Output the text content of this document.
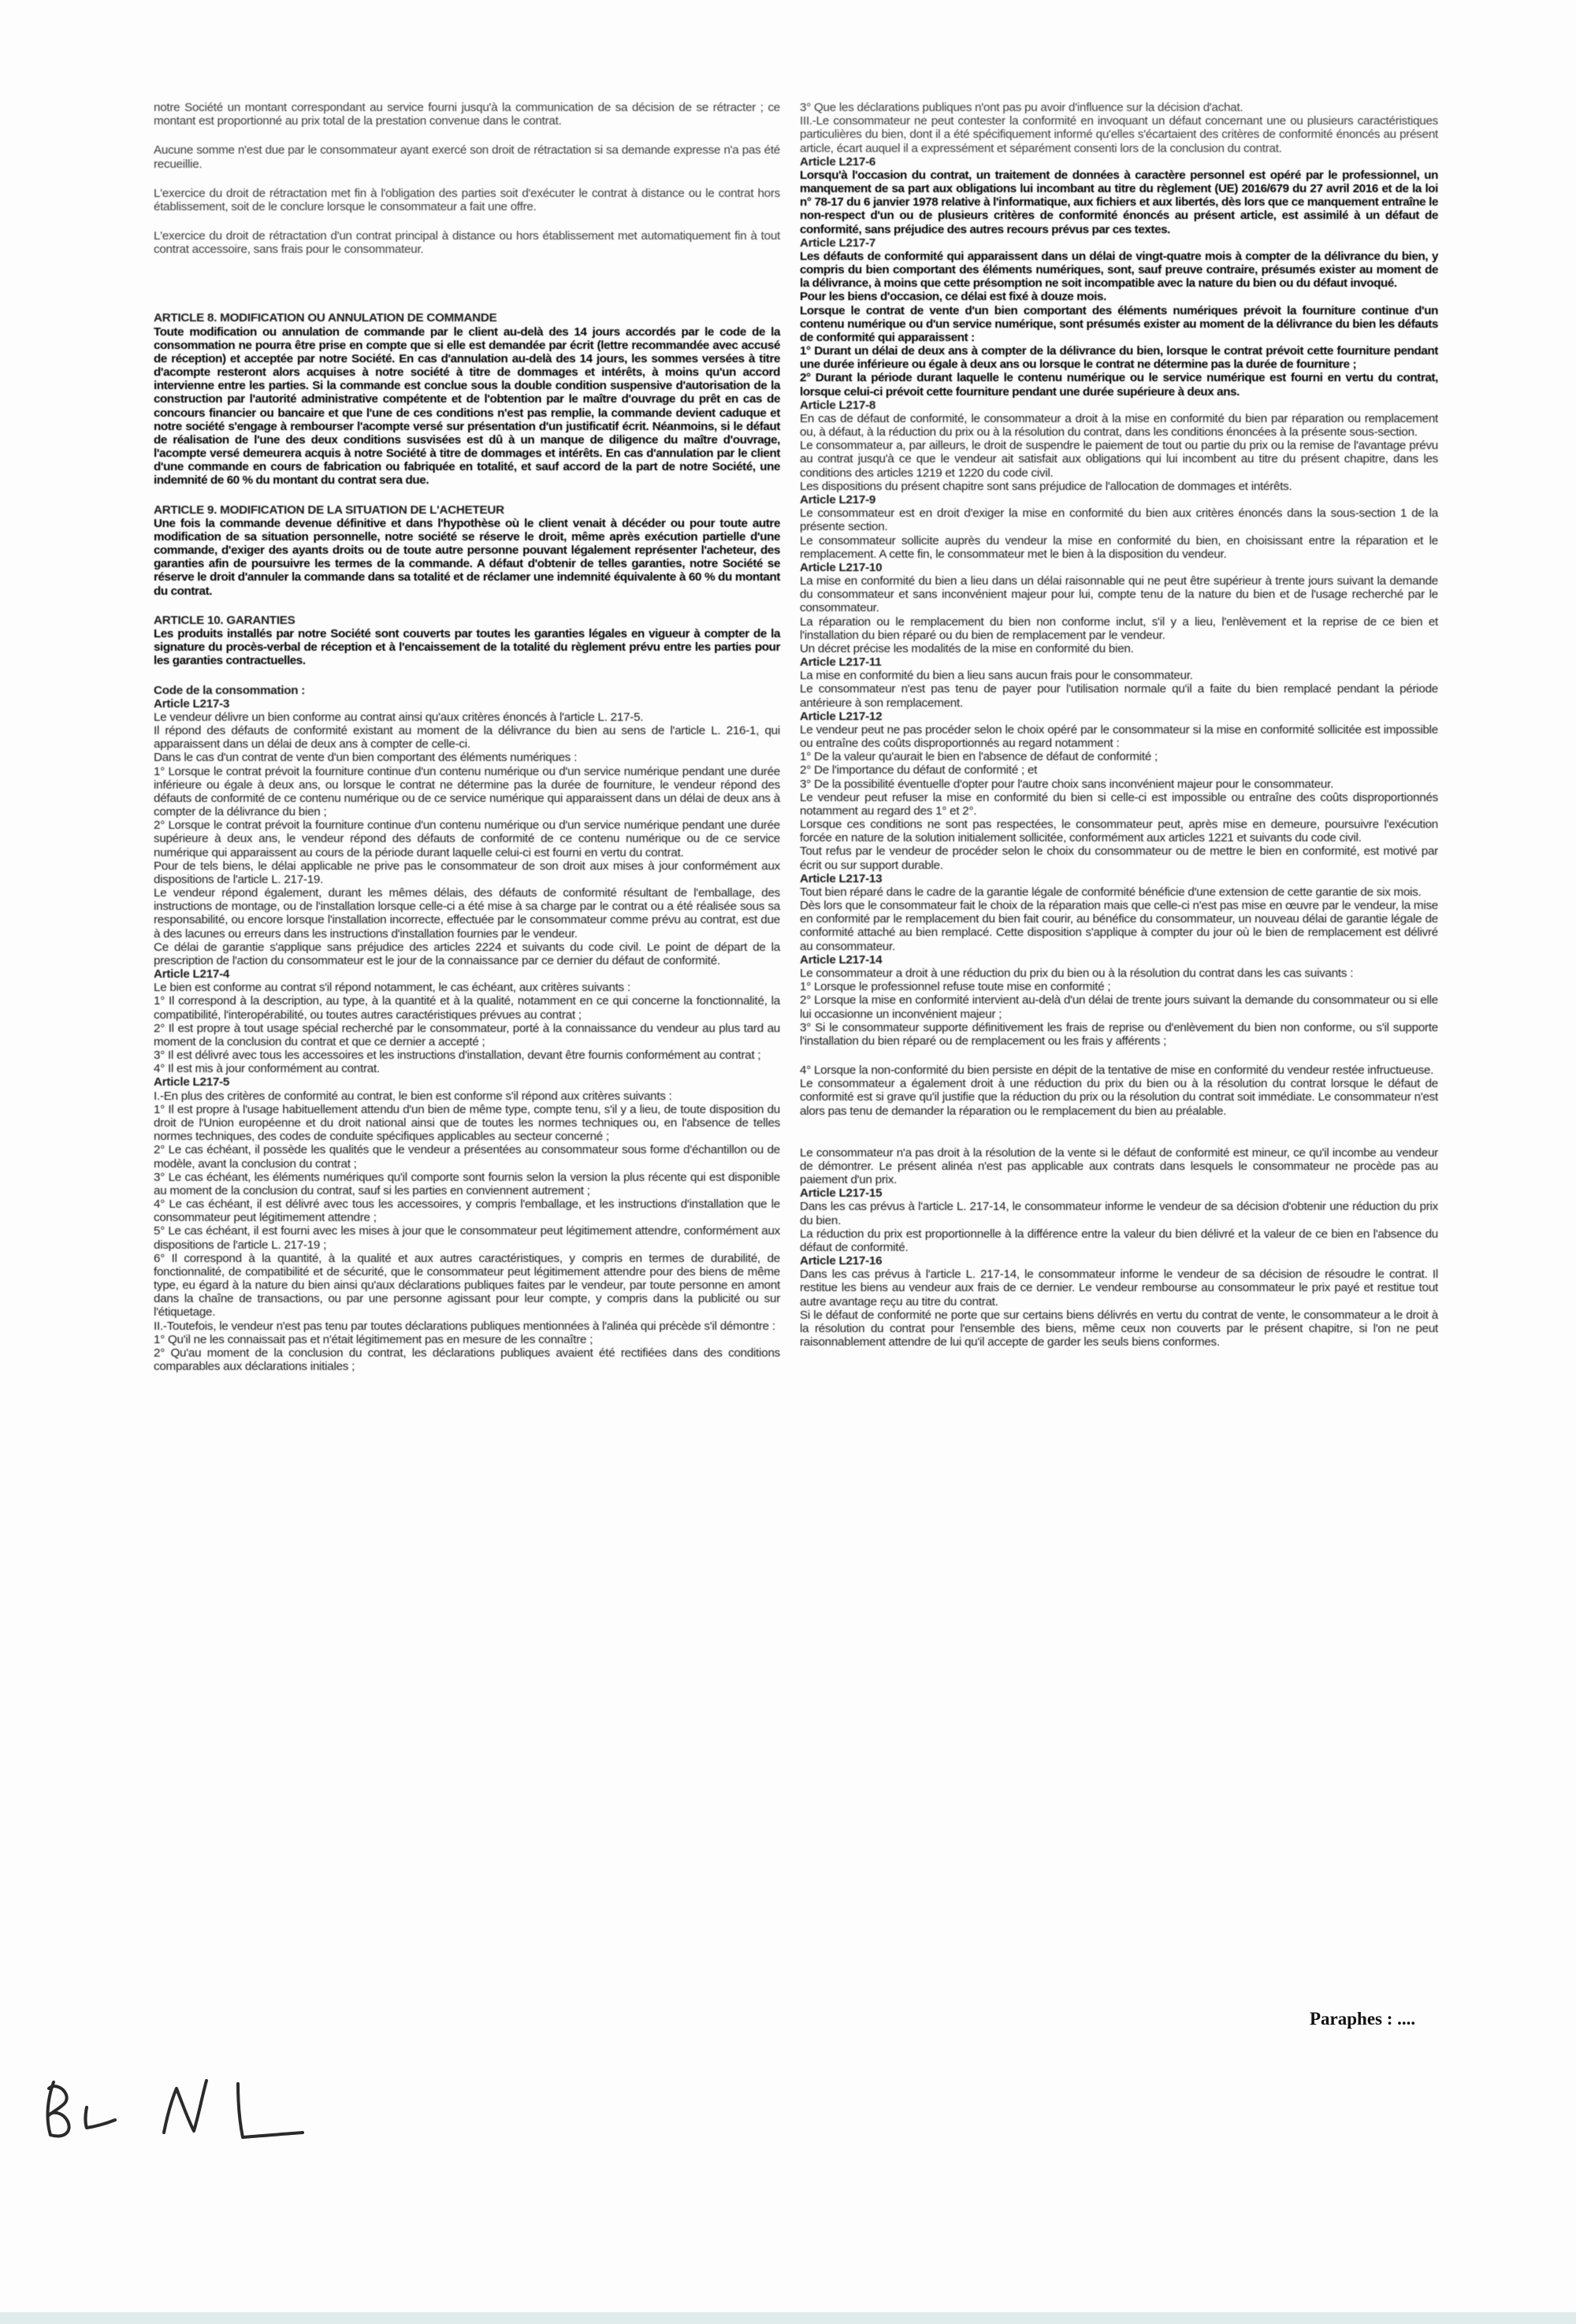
notre Société un montant correspondant au service fourni jusqu'à la communication de sa décision de se rétracter ; ce montant est proportionné au prix total de la prestation convenue dans le contrat.

Aucune somme n'est due par le consommateur ayant exercé son droit de rétractation si sa demande expresse n'a pas été recueillie.

L'exercice du droit de rétractation met fin à l'obligation des parties soit d'exécuter le contrat à distance ou le contrat hors établissement, soit de le conclure lorsque le consommateur a fait une offre.

L'exercice du droit de rétractation d'un contrat principal à distance ou hors établissement met automatiquement fin à tout contrat accessoire, sans frais pour le consommateur.

ARTICLE 8. MODIFICATION OU ANNULATION DE COMMANDE

Toute modification ou annulation de commande par le client au-delà des 14 jours accordés par le code de la consommation ne pourra être prise en compte que si elle est demandée par écrit (lettre recommandée avec accusé de réception) et acceptée par notre Société. En cas d'annulation au-delà des 14 jours, les sommes versées à titre d'acompte resteront alors acquises à notre société à titre de dommages et intérêts, à moins qu'un accord intervienne entre les parties. Si la commande est conclue sous la double condition suspensive d'autorisation de la construction par l'autorité administrative compétente et de l'obtention par le maître d'ouvrage du prêt en cas de concours financier ou bancaire et que l'une de ces conditions n'est pas remplie, la commande devient caduque et notre société s'engage à rembourser l'acompte versé sur présentation d'un justificatif écrit. Néanmoins, si le défaut de réalisation de l'une des deux conditions susvisées est dû à un manque de diligence du maître d'ouvrage, l'acompte versé demeurera acquis à notre Société à titre de dommages et intérêts. En cas d'annulation par le client d'une commande en cours de fabrication ou fabriquée en totalité, et sauf accord de la part de notre Société, une indemnité de 60 % du montant du contrat sera due.

ARTICLE 9. MODIFICATION DE LA SITUATION DE L'ACHETEUR

Une fois la commande devenue définitive et dans l'hypothèse où le client venait à décéder ou pour toute autre modification de sa situation personnelle, notre société se réserve le droit, même après exécution partielle d'une commande, d'exiger des ayants droits ou de toute autre personne pouvant légalement représenter l'acheteur, des garanties afin de poursuivre les termes de la commande. A défaut d'obtenir de telles garanties, notre Société se réserve le droit d'annuler la commande dans sa totalité et de réclamer une indemnité équivalente à 60 % du montant du contrat.

ARTICLE 10. GARANTIES

Les produits installés par notre Société sont couverts par toutes les garanties légales en vigueur à compter de la signature du procès-verbal de réception et à l'encaissement de la totalité du règlement prévu entre les parties pour les garanties contractuelles.

Code de la consommation :

Article L217-3

Le vendeur délivre un bien conforme au contrat ainsi qu'aux critères énoncés à l'article L. 217-5.

Il répond des défauts de conformité existant au moment de la délivrance du bien au sens de l'article L. 216-1, qui apparaissent dans un délai de deux ans à compter de celle-ci.

Dans le cas d'un contrat de vente d'un bien comportant des éléments numériques :

1° Lorsque le contrat prévoit la fourniture continue d'un contenu numérique ou d'un service numérique pendant une durée inférieure ou égale à deux ans, ou lorsque le contrat ne détermine pas la durée de fourniture, le vendeur répond des défauts de conformité de ce contenu numérique ou de ce service numérique qui apparaissent dans un délai de deux ans à compter de la délivrance du bien ;

2° Lorsque le contrat prévoit la fourniture continue d'un contenu numérique ou d'un service numérique pendant une durée supérieure à deux ans, le vendeur répond des défauts de conformité de ce contenu numérique ou de ce service numérique qui apparaissent au cours de la période durant laquelle celui-ci est fourni en vertu du contrat.

Pour de tels biens, le délai applicable ne prive pas le consommateur de son droit aux mises à jour conformément aux dispositions de l'article L. 217-19.

Le vendeur répond également, durant les mêmes délais, des défauts de conformité résultant de l'emballage, des instructions de montage, ou de l'installation lorsque celle-ci a été mise à sa charge par le contrat ou a été réalisée sous sa responsabilité, ou encore lorsque l'installation incorrecte, effectuée par le consommateur comme prévu au contrat, est due à des lacunes ou erreurs dans les instructions d'installation fournies par le vendeur.

Ce délai de garantie s'applique sans préjudice des articles 2224 et suivants du code civil. Le point de départ de la prescription de l'action du consommateur est le jour de la connaissance par ce dernier du défaut de conformité.

Article L217-4

Le bien est conforme au contrat s'il répond notamment, le cas échéant, aux critères suivants :

1° Il correspond à la description, au type, à la quantité et à la qualité, notamment en ce qui concerne la fonctionnalité, la compatibilité, l'interopérabilité, ou toutes autres caractéristiques prévues au contrat ;

2° Il est propre à tout usage spécial recherché par le consommateur, porté à la connaissance du vendeur au plus tard au moment de la conclusion du contrat et que ce dernier a accepté ;

3° Il est délivré avec tous les accessoires et les instructions d'installation, devant être fournis conformément au contrat ;

4° Il est mis à jour conformément au contrat.

Article L217-5

I.-En plus des critères de conformité au contrat, le bien est conforme s'il répond aux critères suivants :

1° Il est propre à l'usage habituellement attendu d'un bien de même type, compte tenu, s'il y a lieu, de toute disposition du droit de l'Union européenne et du droit national ainsi que de toutes les normes techniques ou, en l'absence de telles normes techniques, des codes de conduite spécifiques applicables au secteur concerné ;

2° Le cas échéant, il possède les qualités que le vendeur a présentées au consommateur sous forme d'échantillon ou de modèle, avant la conclusion du contrat ;

3° Le cas échéant, les éléments numériques qu'il comporte sont fournis selon la version la plus récente qui est disponible au moment de la conclusion du contrat, sauf si les parties en conviennent autrement ;

4° Le cas échéant, il est délivré avec tous les accessoires, y compris l'emballage, et les instructions d'installation que le consommateur peut légitimement attendre ;

5° Le cas échéant, il est fourni avec les mises à jour que le consommateur peut légitimement attendre, conformément aux dispositions de l'article L. 217-19 ;

6° Il correspond à la quantité, à la qualité et aux autres caractéristiques, y compris en termes de durabilité, de fonctionnalité, de compatibilité et de sécurité, que le consommateur peut légitimement attendre pour des biens de même type, eu égard à la nature du bien ainsi qu'aux déclarations publiques faites par le vendeur, par toute personne en amont dans la chaîne de transactions, ou par une personne agissant pour leur compte, y compris dans la publicité ou sur l'étiquetage.

II.-Toutefois, le vendeur n'est pas tenu par toutes déclarations publiques mentionnées à l'alinéa qui précède s'il démontre :

1° Qu'il ne les connaissait pas et n'était légitimement pas en mesure de les connaître ;

2° Qu'au moment de la conclusion du contrat, les déclarations publiques avaient été rectifiées dans des conditions comparables aux déclarations initiales ;

3° Que les déclarations publiques n'ont pas pu avoir d'influence sur la décision d'achat.

III.-Le consommateur ne peut contester la conformité en invoquant un défaut concernant une ou plusieurs caractéristiques particulières du bien, dont il a été spécifiquement informé qu'elles s'écartaient des critères de conformité énoncés au présent article, écart auquel il a expressément et séparément consenti lors de la conclusion du contrat.

Article L217-6

Lorsqu'à l'occasion du contrat, un traitement de données à caractère personnel est opéré par le professionnel, un manquement de sa part aux obligations lui incombant au titre du règlement (UE) 2016/679 du 27 avril 2016 et de la loi n° 78-17 du 6 janvier 1978 relative à l'informatique, aux fichiers et aux libertés, dès lors que ce manquement entraîne le non-respect d'un ou de plusieurs critères de conformité énoncés au présent article, est assimilé à un défaut de conformité, sans préjudice des autres recours prévus par ces textes.

Article L217-7

Les défauts de conformité qui apparaissent dans un délai de vingt-quatre mois à compter de la délivrance du bien, y compris du bien comportant des éléments numériques, sont, sauf preuve contraire, présumés exister au moment de la délivrance, à moins que cette présomption ne soit incompatible avec la nature du bien ou du défaut invoqué.

Pour les biens d'occasion, ce délai est fixé à douze mois.

Lorsque le contrat de vente d'un bien comportant des éléments numériques prévoit la fourniture continue d'un contenu numérique ou d'un service numérique, sont présumés exister au moment de la délivrance du bien les défauts de conformité qui apparaissent :

1° Durant un délai de deux ans à compter de la délivrance du bien, lorsque le contrat prévoit cette fourniture pendant une durée inférieure ou égale à deux ans ou lorsque le contrat ne détermine pas la durée de fourniture ;

2° Durant la période durant laquelle le contenu numérique ou le service numérique est fourni en vertu du contrat, lorsque celui-ci prévoit cette fourniture pendant une durée supérieure à deux ans.

Article L217-8

En cas de défaut de conformité, le consommateur a droit à la mise en conformité du bien par réparation ou remplacement ou, à défaut, à la réduction du prix ou à la résolution du contrat, dans les conditions énoncées à la présente sous-section.

Le consommateur a, par ailleurs, le droit de suspendre le paiement de tout ou partie du prix ou la remise de l'avantage prévu au contrat jusqu'à ce que le vendeur ait satisfait aux obligations qui lui incombent au titre du présent chapitre, dans les conditions des articles 1219 et 1220 du code civil.

Les dispositions du présent chapitre sont sans préjudice de l'allocation de dommages et intérêts.

Article L217-9

Le consommateur est en droit d'exiger la mise en conformité du bien aux critères énoncés dans la sous-section 1 de la présente section.

Le consommateur sollicite auprès du vendeur la mise en conformité du bien, en choisissant entre la réparation et le remplacement. A cette fin, le consommateur met le bien à la disposition du vendeur.

Article L217-10

La mise en conformité du bien a lieu dans un délai raisonnable qui ne peut être supérieur à trente jours suivant la demande du consommateur et sans inconvénient majeur pour lui, compte tenu de la nature du bien et de l'usage recherché par le consommateur.

La réparation ou le remplacement du bien non conforme inclut, s'il y a lieu, l'enlèvement et la reprise de ce bien et l'installation du bien réparé ou du bien de remplacement par le vendeur.

Un décret précise les modalités de la mise en conformité du bien.

Article L217-11

La mise en conformité du bien a lieu sans aucun frais pour le consommateur.

Le consommateur n'est pas tenu de payer pour l'utilisation normale qu'il a faite du bien remplacé pendant la période antérieure à son remplacement.

Article L217-12

Le vendeur peut ne pas procéder selon le choix opéré par le consommateur si la mise en conformité sollicitée est impossible ou entraîne des coûts disproportionnés au regard notamment :

1° De la valeur qu'aurait le bien en l'absence de défaut de conformité ;

2° De l'importance du défaut de conformité ; et

3° De la possibilité éventuelle d'opter pour l'autre choix sans inconvénient majeur pour le consommateur.

Le vendeur peut refuser la mise en conformité du bien si celle-ci est impossible ou entraîne des coûts disproportionnés notamment au regard des 1° et 2°.

Lorsque ces conditions ne sont pas respectées, le consommateur peut, après mise en demeure, poursuivre l'exécution forcée en nature de la solution initialement sollicitée, conformément aux articles 1221 et suivants du code civil.

Tout refus par le vendeur de procéder selon le choix du consommateur ou de mettre le bien en conformité, est motivé par écrit ou sur support durable.

Article L217-13

Tout bien réparé dans le cadre de la garantie légale de conformité bénéficie d'une extension de cette garantie de six mois.

Dès lors que le consommateur fait le choix de la réparation mais que celle-ci n'est pas mise en œuvre par le vendeur, la mise en conformité par le remplacement du bien fait courir, au bénéfice du consommateur, un nouveau délai de garantie légale de conformité attaché au bien remplacé. Cette disposition s'applique à compter du jour où le bien de remplacement est délivré au consommateur.

Article L217-14

Le consommateur a droit à une réduction du prix du bien ou à la résolution du contrat dans les cas suivants :

1° Lorsque le professionnel refuse toute mise en conformité ;

2° Lorsque la mise en conformité intervient au-delà d'un délai de trente jours suivant la demande du consommateur ou si elle lui occasionne un inconvénient majeur ;

3° Si le consommateur supporte définitivement les frais de reprise ou d'enlèvement du bien non conforme, ou s'il supporte l'installation du bien réparé ou de remplacement ou les frais y afférents ;

4° Lorsque la non-conformité du bien persiste en dépit de la tentative de mise en conformité du vendeur restée infructueuse.

Le consommateur a également droit à une réduction du prix du bien ou à la résolution du contrat lorsque le défaut de conformité est si grave qu'il justifie que la réduction du prix ou la résolution du contrat soit immédiate. Le consommateur n'est alors pas tenu de demander la réparation ou le remplacement du bien au préalable.

Le consommateur n'a pas droit à la résolution de la vente si le défaut de conformité est mineur, ce qu'il incombe au vendeur de démontrer. Le présent alinéa n'est pas applicable aux contrats dans lesquels le consommateur ne procède pas au paiement d'un prix.

Article L217-15

Dans les cas prévus à l'article L. 217-14, le consommateur informe le vendeur de sa décision d'obtenir une réduction du prix du bien.

La réduction du prix est proportionnelle à la différence entre la valeur du bien délivré et la valeur de ce bien en l'absence du défaut de conformité.

Article L217-16

Dans les cas prévus à l'article L. 217-14, le consommateur informe le vendeur de sa décision de résoudre le contrat. Il restitue les biens au vendeur aux frais de ce dernier. Le vendeur rembourse au consommateur le prix payé et restitue tout autre avantage reçu au titre du contrat.

Si le défaut de conformité ne porte que sur certains biens délivrés en vertu du contrat de vente, le consommateur a le droit à la résolution du contrat pour l'ensemble des biens, même ceux non couverts par le présent chapitre, si l'on ne peut raisonnablement attendre de lui qu'il accepte de garder les seuls biens conformes.

Paraphes : ....
